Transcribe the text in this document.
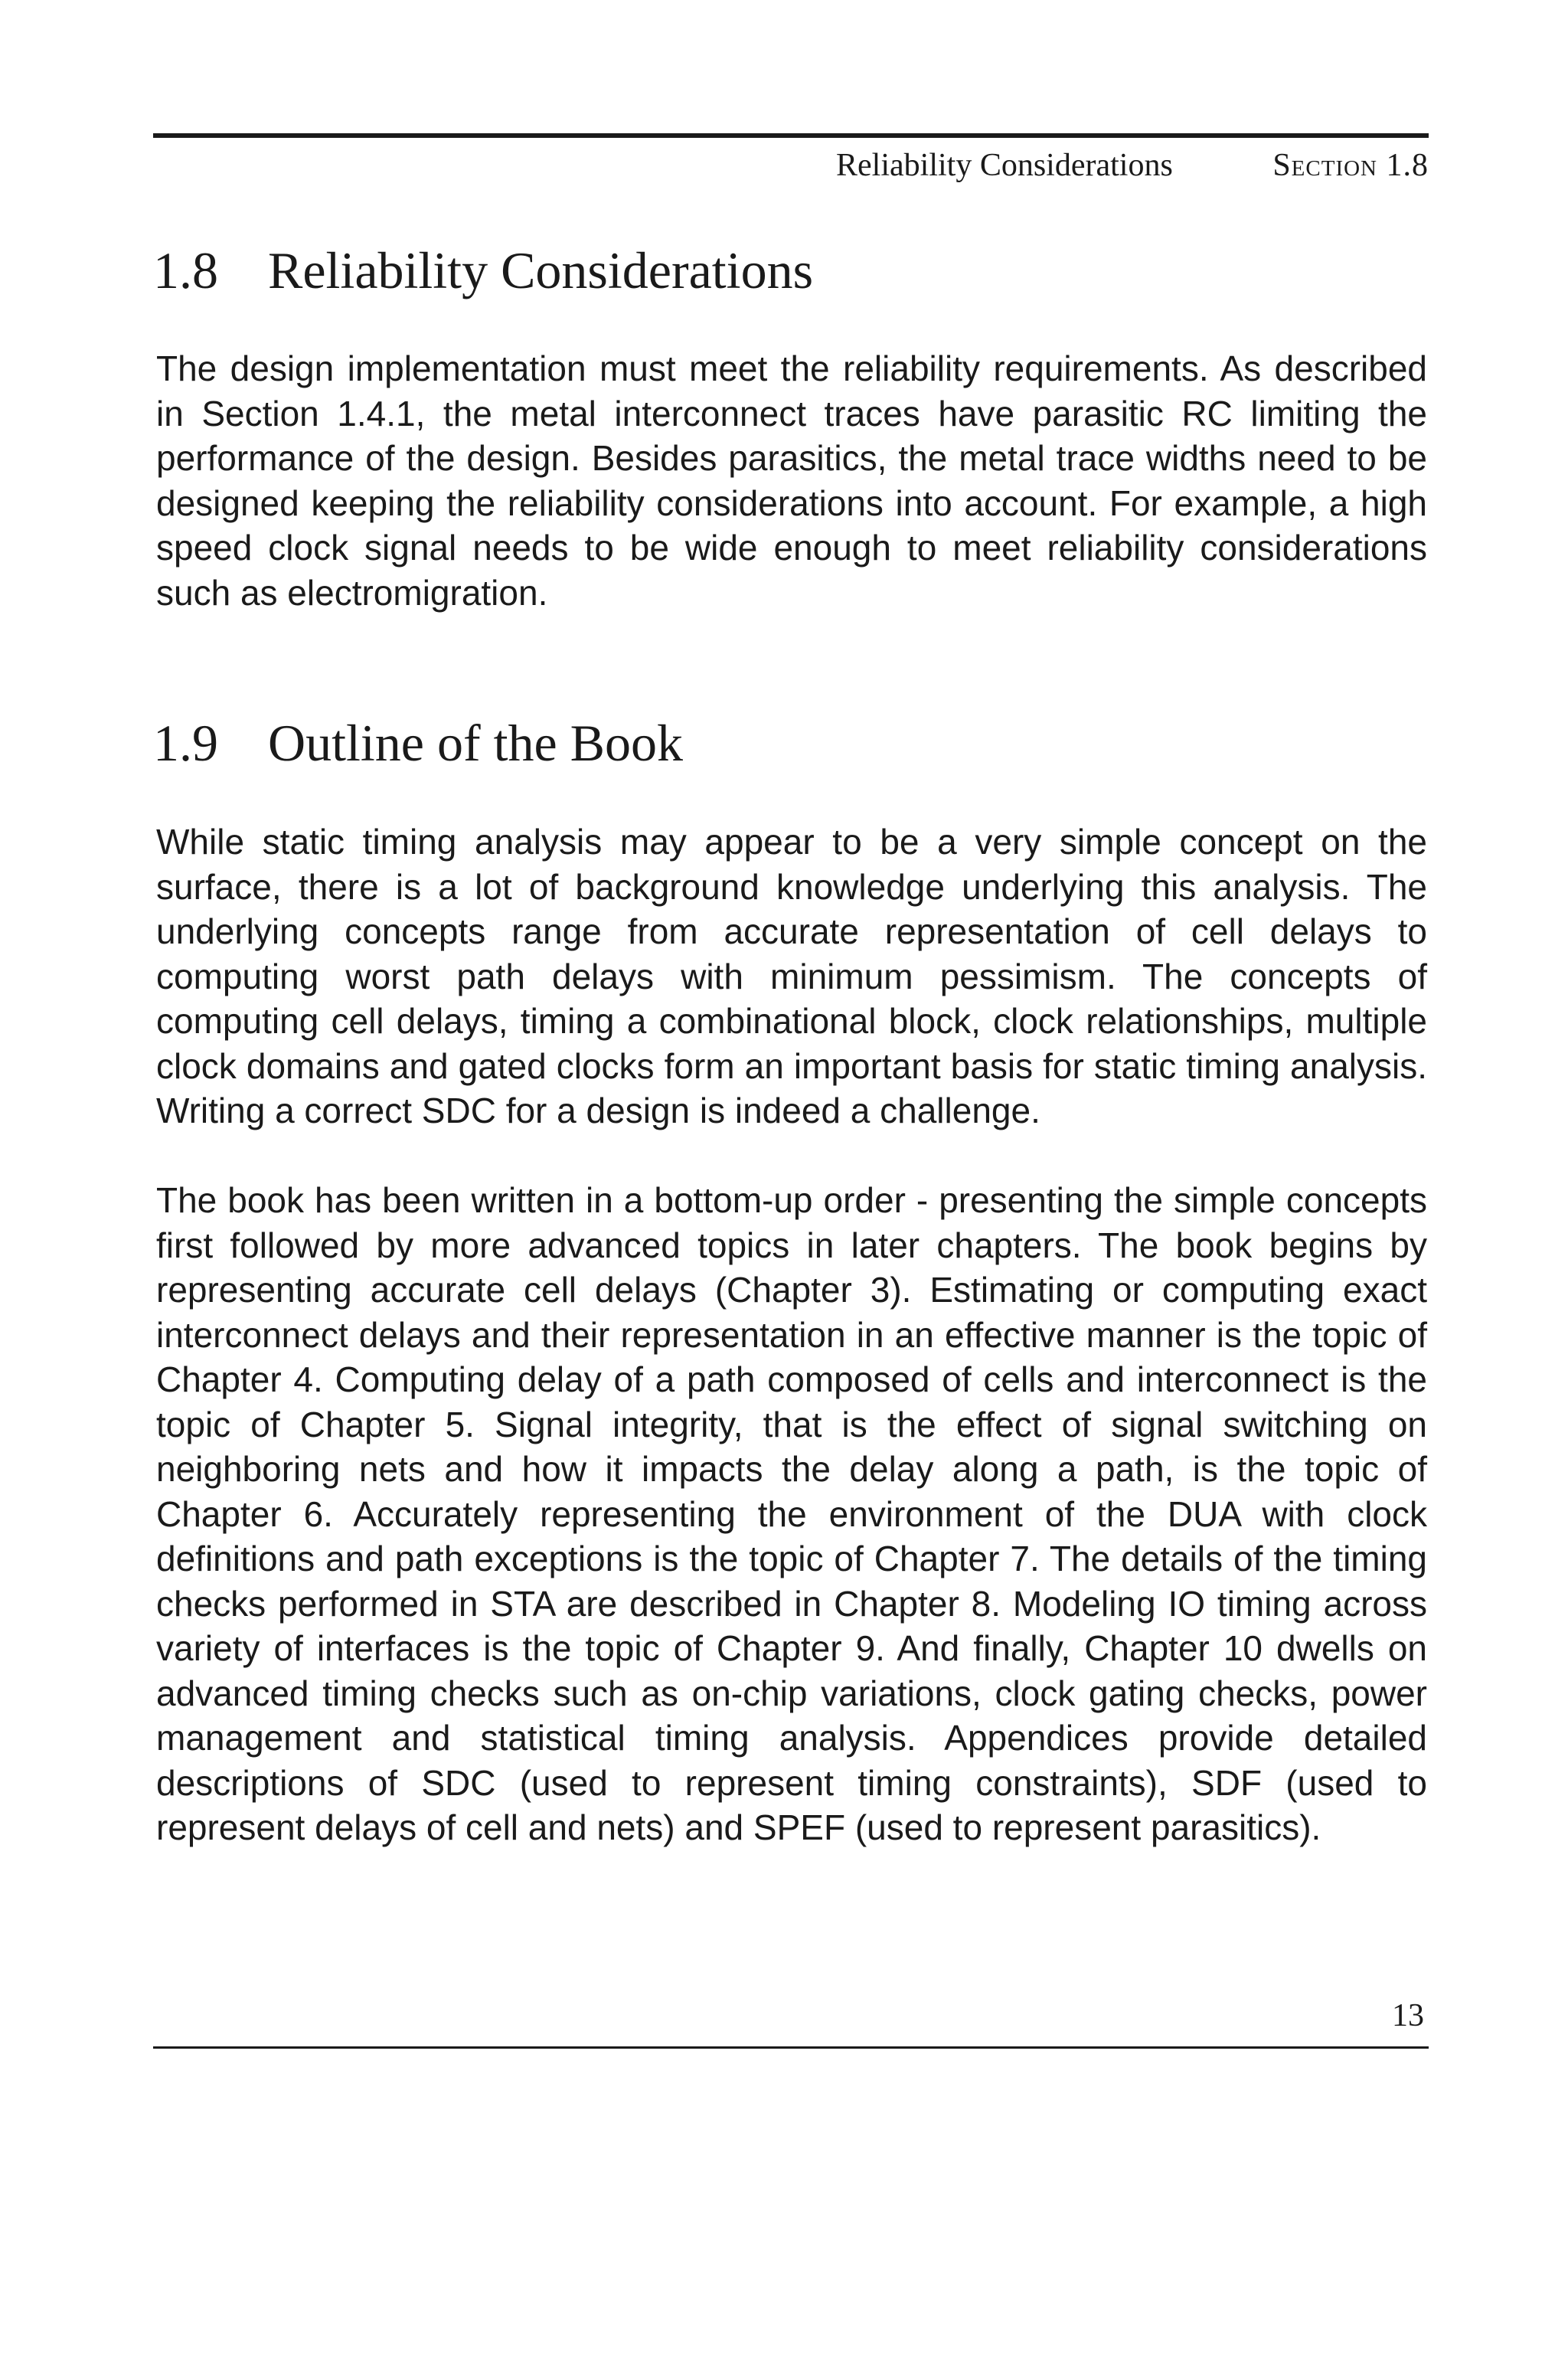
Reliability Considerations	Section 1.8
1.8 Reliability Considerations

The design implementation must meet the reliability requirements. As described in Section 1.4.1, the metal interconnect traces have parasitic RC limiting the performance of the design. Besides parasitics, the metal trace widths need to be designed keeping the reliability considerations into account. For example, a high speed clock signal needs to be wide enough to meet reliability considerations such as electromigration.

1.9 Outline of the Book

While static timing analysis may appear to be a very simple concept on the surface, there is a lot of background knowledge underlying this analysis. The underlying concepts range from accurate representation of cell delays to computing worst path delays with minimum pessimism. The concepts of computing cell delays, timing a combinational block, clock relationships, multiple clock domains and gated clocks form an important basis for static timing analysis. Writing a correct SDC for a design is indeed a challenge.

The book has been written in a bottom-up order - presenting the simple concepts first followed by more advanced topics in later chapters. The book begins by representing accurate cell delays (Chapter 3). Estimating or computing exact interconnect delays and their representation in an effective manner is the topic of Chapter 4. Computing delay of a path composed of cells and interconnect is the topic of Chapter 5. Signal integrity, that is the effect of signal switching on neighboring nets and how it impacts the delay along a path, is the topic of Chapter 6. Accurately representing the environment of the DUA with clock definitions and path exceptions is the topic of Chapter 7. The details of the timing checks performed in STA are described in Chapter 8. Modeling IO timing across variety of interfaces is the topic of Chapter 9. And finally, Chapter 10 dwells on advanced timing checks such as on-chip variations, clock gating checks, power management and statistical timing analysis. Appendices provide detailed descriptions of SDC (used to represent timing constraints), SDF (used to represent delays of cell and nets) and SPEF (used to represent parasitics).

13
